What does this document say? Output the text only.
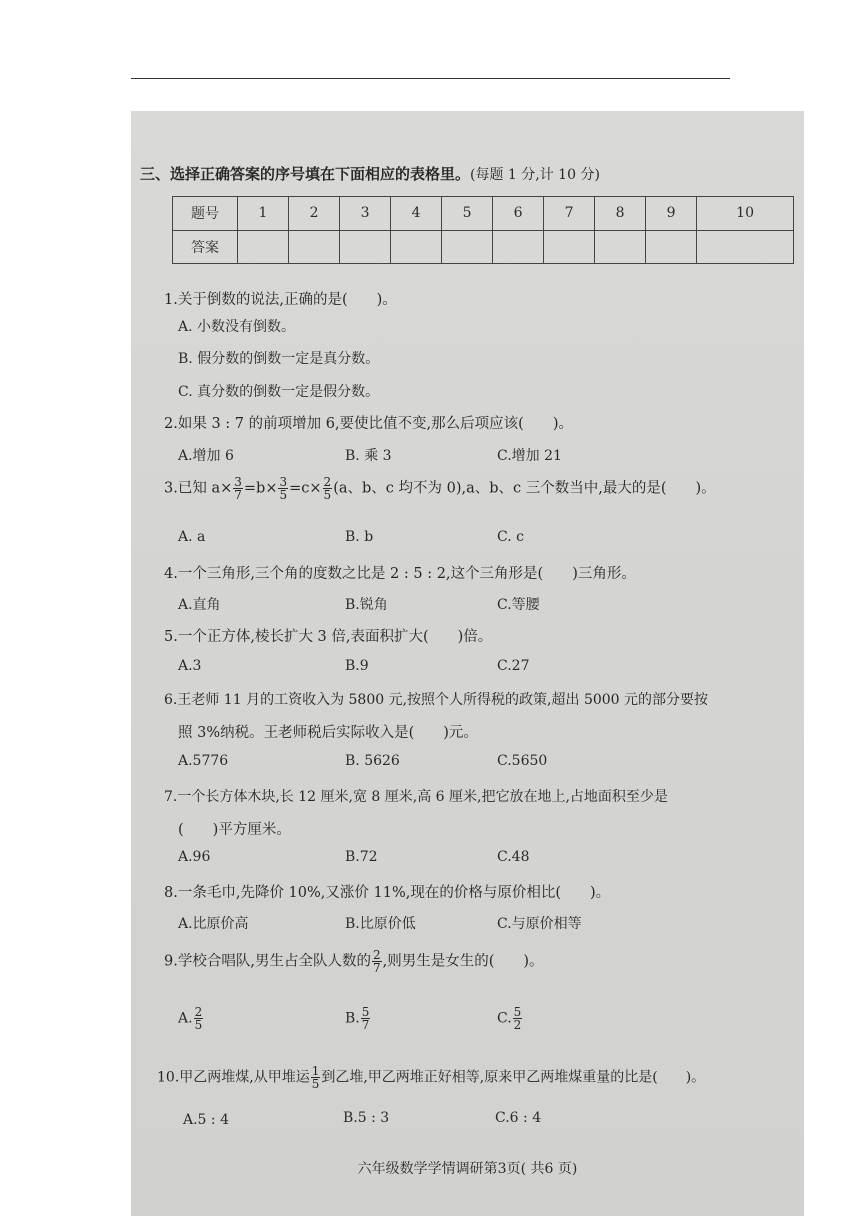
三、选择正确答案的序号填在下面相应的表格里。(每题 1 分,计 10 分)
题号	1	2	3	4	5	6	7	8	9	10
答案										
1.关于倒数的说法,正确的是(　　)。
A. 小数没有倒数。
B. 假分数的倒数一定是真分数。
C. 真分数的倒数一定是假分数。
2.如果 3 : 7 的前项增加 6,要使比值不变,那么后项应该(　　)。
A.增加 6	B. 乘 3	C.增加 21
3.已知 $a\times \frac{3}{7} =b\times \frac{3}{5} =c\times \frac{2}{5} (a$、b、c 均不为 0),a、b、c 三个数当中,最大的是(　　)。
A. a	B. b	C. c
4.一个三角形,三个角的度数之比是 2 : 5 : 2,这个三角形是(　　)三角形。
A.直角	B.锐角	C.等腰
5.一个正方体,棱长扩大 3 倍,表面积扩大(　　)倍。
A.3	B.9	C.27
6.王老师 11 月的工资收入为 5800 元,按照个人所得税的政策,超出 5000 元的部分要按
照 3%纳税。王老师税后实际收入是(　　)元。
A.5776	B. 5626	C.5650
7.一个长方体木块,长 12 厘米,宽 8 厘米,高 6 厘米,把它放在地上,占地面积至少是
(　　)平方厘米。
A.96	B.72	C.48
8.一条毛巾,先降价 10%,又涨价 11%,现在的价格与原价相比(　　)。
A.比原价高	B.比原价低	C.与原价相等
9.学校合唱队,男生占全队人数的 $\frac{2}{7}$ ,则男生是女生的(　　)。
A. $\frac{2}{5}$	B. $\frac{5}{7}$	C. $\frac{5}{2}$
10.甲乙两堆煤,从甲堆运 $\frac{1}{5}$ 到乙堆,甲乙两堆正好相等,原来甲乙两堆煤重量的比是(　　)。
A.5 : 4	B.5 : 3	C.6 : 4
六年级数学学情调研第3页( 共6 页)
